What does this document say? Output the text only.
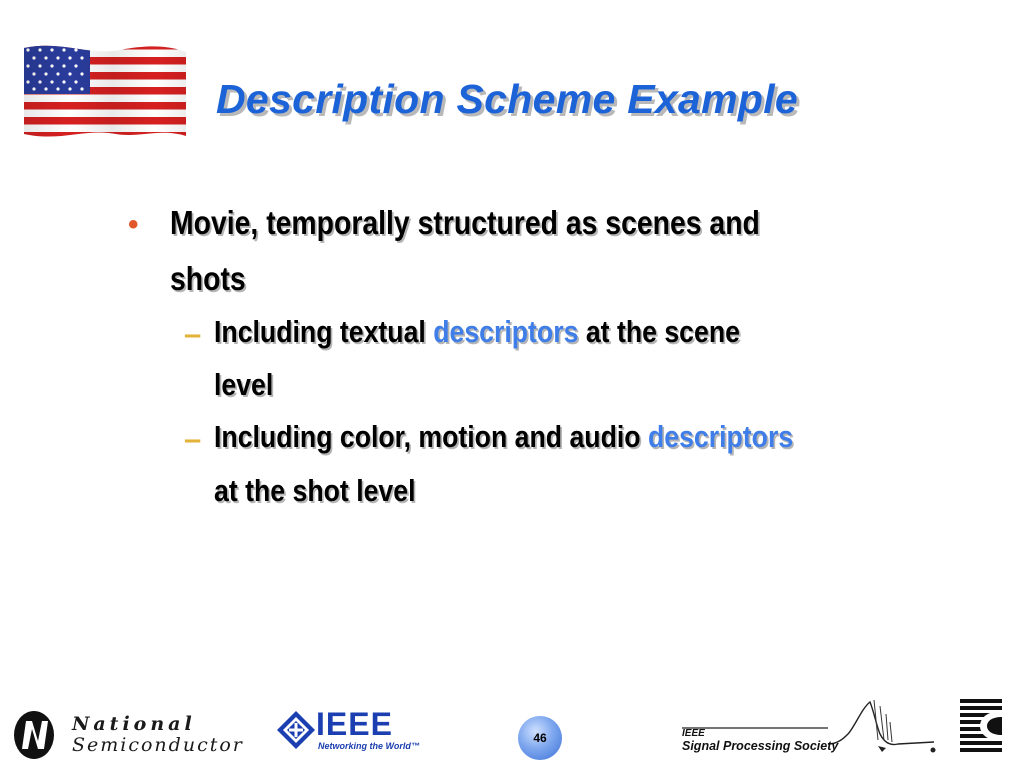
Description Scheme Example
• Movie, temporally structured as scenes and
shots
– Including textual descriptors at the scene
level
– Including color, motion and audio descriptors
at the shot level
National
Semiconductor
IEEE
Networking the World™
46	IEEE
Signal Processing Society
